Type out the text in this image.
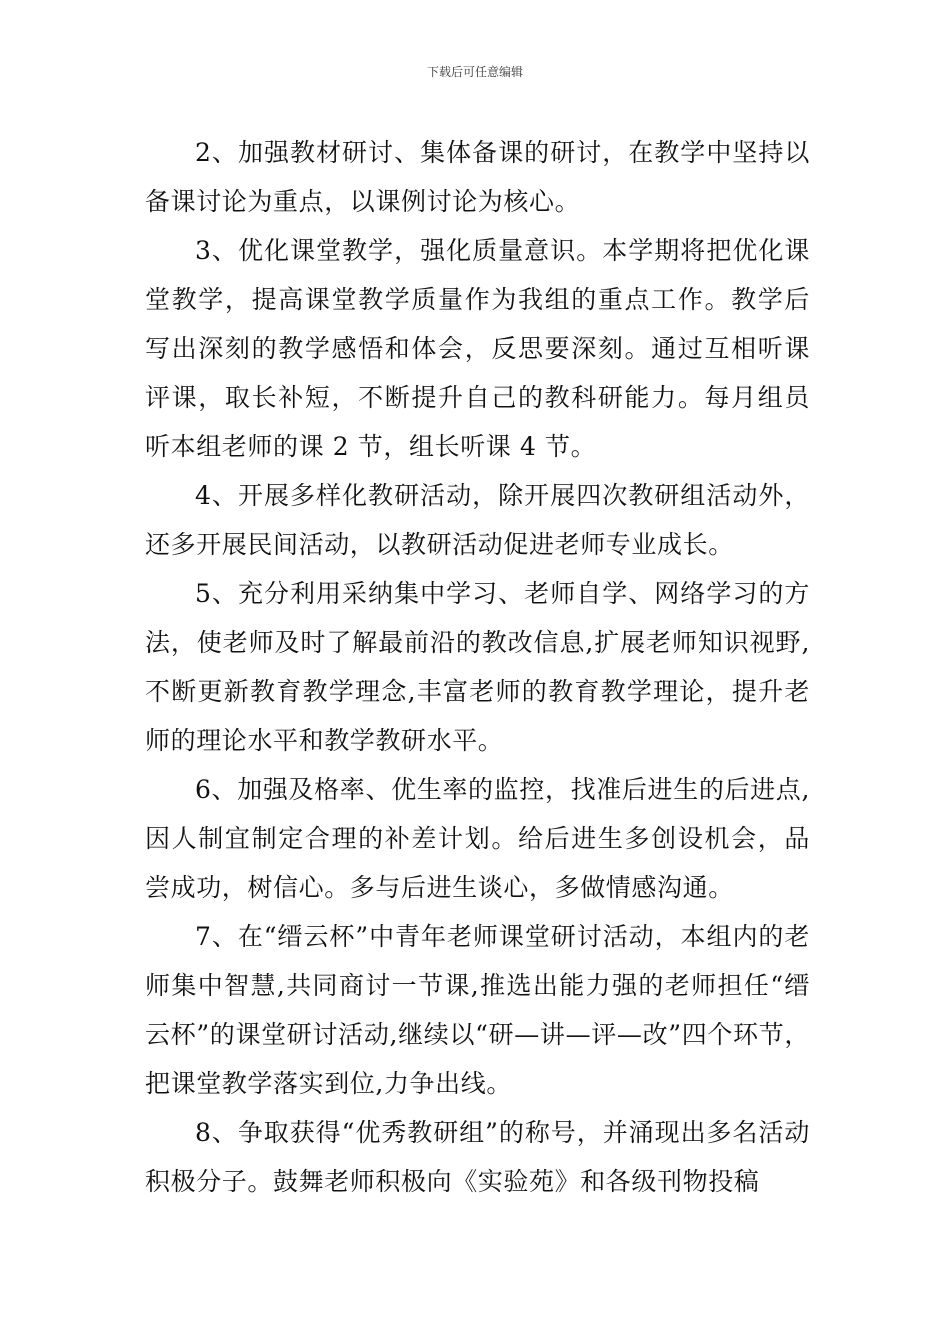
下载后可任意编辑

2、加强教材研讨、集体备课的研讨，在教学中坚持以备课讨论为重点，以课例讨论为核心。

3、优化课堂教学，强化质量意识。本学期将把优化课堂教学，提高课堂教学质量作为我组的重点工作。教学后写出深刻的教学感悟和体会，反思要深刻。通过互相听课评课，取长补短，不断提升自己的教科研能力。每月组员听本组老师的课 2 节，组长听课 4 节。

4、开展多样化教研活动，除开展四次教研组活动外，还多开展民间活动，以教研活动促进老师专业成长。

5、充分利用采纳集中学习、老师自学、网络学习的方法，使老师及时了解最前沿的教改信息,扩展老师知识视野,不断更新教育教学理念,丰富老师的教育教学理论，提升老师的理论水平和教学教研水平。

6、加强及格率、优生率的监控，找准后进生的后进点,因人制宜制定合理的补差计划。给后进生多创设机会，品尝成功，树信心。多与后进生谈心，多做情感沟通。

7、在“缙云杯”中青年老师课堂研讨活动，本组内的老师集中智慧,共同商讨一节课,推选出能力强的老师担任“缙云杯”的课堂研讨活动,继续以“研—讲—评—改”四个环节，把课堂教学落实到位,力争出线。

8、争取获得“优秀教研组”的称号，并涌现出多名活动积极分子。鼓舞老师积极向《实验苑》和各级刊物投稿
